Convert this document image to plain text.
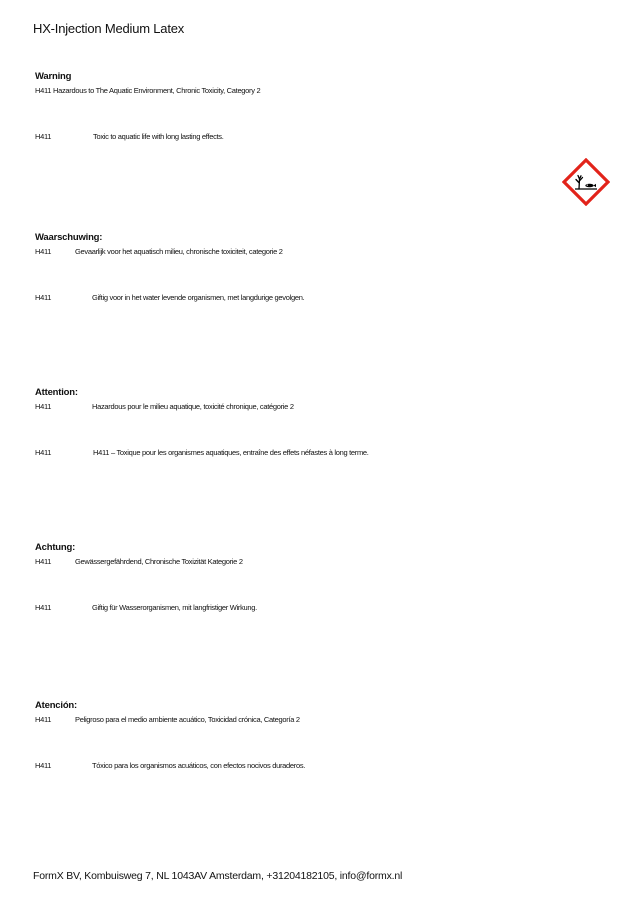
HX-Injection Medium Latex
Warning
H411 Hazardous to The Aquatic Environment, Chronic Toxicity, Category 2
H411	Toxic to aquatic life with long lasting effects.
Waarschuwing:
H411	Gevaarlijk voor het aquatisch milieu, chronische toxiciteit, categorie 2
H411	Giftig voor in het water levende organismen, met langdurige gevolgen.
Attention:
H411	Hazardous pour le milieu aquatique, toxicité chronique, catégorie 2
H411	H411 – Toxique pour les organismes aquatiques, entraîne des effets néfastes à long terme.
Achtung:
H411	Gewässergefährdend, Chronische Toxizität Kategorie 2
H411	Giftig für Wasserorganismen, mit langfristiger Wirkung.
Atención:
H411	Peligroso para el medio ambiente acuático, Toxicidad crónica, Categoría 2
H411	Tóxico para los organismos acuáticos, con efectos nocivos duraderos.
FormX BV, Kombuisweg 7, NL 1043AV Amsterdam, +31204182105, info@formx.nl
